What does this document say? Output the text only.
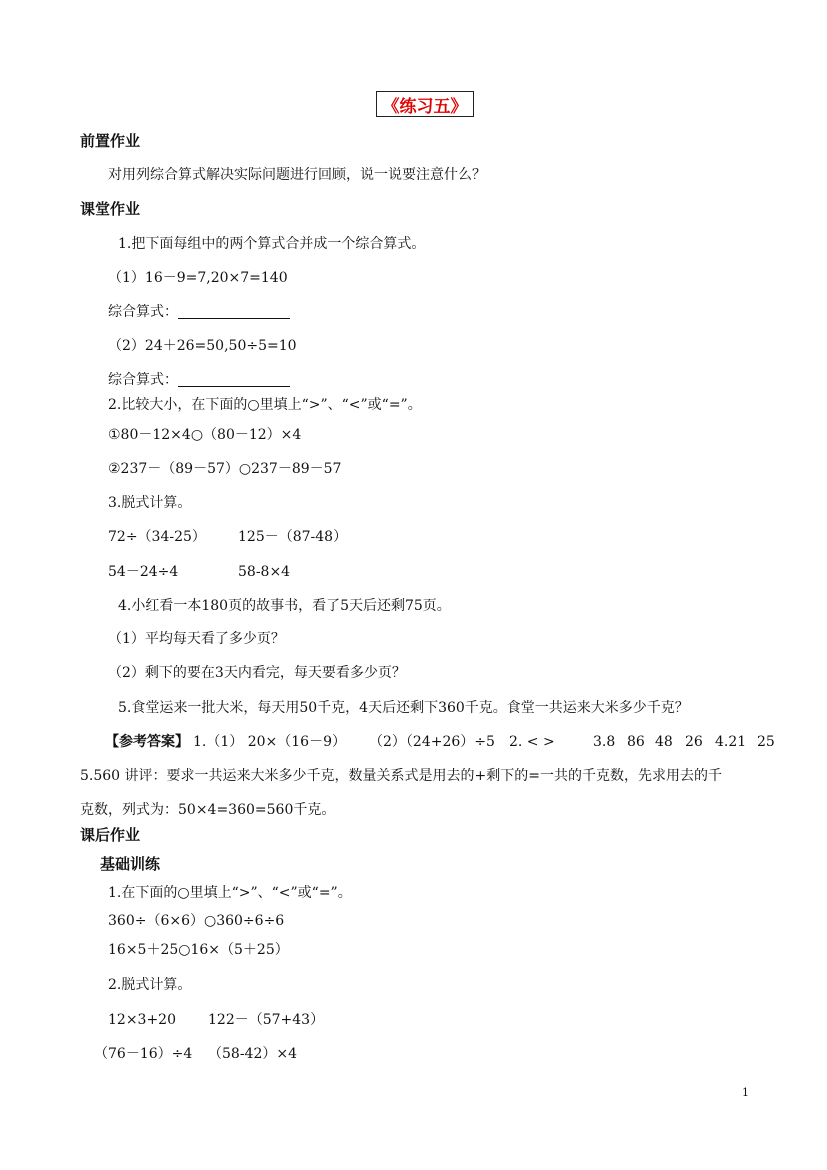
《练习五》
前置作业
对用列综合算式解决实际问题进行回顾，说一说要注意什么？
课堂作业
1.把下面每组中的两个算式合并成一个综合算式。
（1）16－9=7,20×7=140
综合算式：
（2）24＋26=50,50÷5=10
综合算式：
2.比较大小，在下面的○里填上“>”、“<”或“=”。
①80－12×4○（80－12）×4
②237－（89－57）○237－89－57
3.脱式计算。
72÷（34-25） 125－（87-48）
54－24÷4	58-8×4
4.小红看一本180页的故事书，看了5天后还剩75页。
（1）平均每天看了多少页？
（2）剩下的要在3天内看完，每天要看多少页？
5.食堂运来一批大米，每天用50千克，4天后还剩下360千克。食堂一共运来大米多少千克？
【参考答案】 1.（1） 20×（16－9） （2）（24+26）÷5 2. < >	3.8 86 48 26 4.21 25
5.560 讲评：要求一共运来大米多少千克，数量关系式是用去的+剩下的=一共的千克数，先求用去的千
克数，列式为：50×4=360=560千克。
课后作业
基础训练
1.在下面的○里填上“>”、“<”或“=”。
360÷（6×6）○360÷6÷6
16×5＋25○16×（5＋25）
2.脱式计算。
12×3+20 122－（57+43）
（76－16）÷4 （58-42）×4
1
